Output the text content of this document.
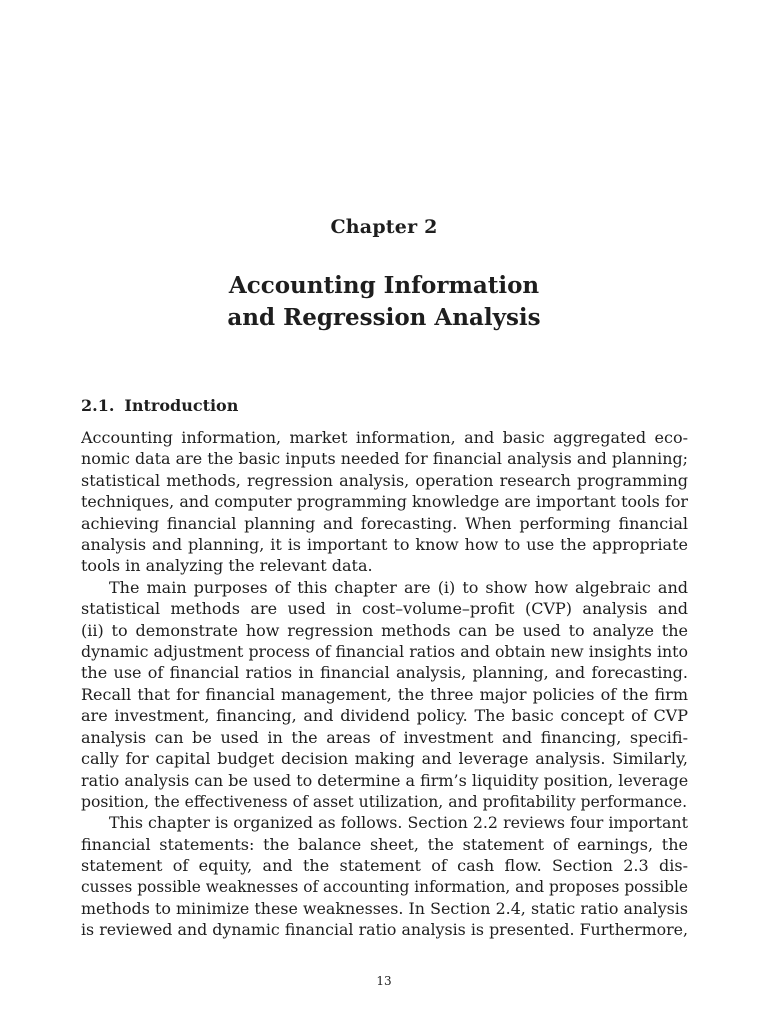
Chapter 2
Accounting Information
and Regression Analysis
2.1. Introduction
Accounting information, market information, and basic aggregated eco-
nomic data are the basic inputs needed for financial analysis and planning;
statistical methods, regression analysis, operation research programming
techniques, and computer programming knowledge are important tools for
achieving financial planning and forecasting. When performing financial
analysis and planning, it is important to know how to use the appropriate
tools in analyzing the relevant data.
The main purposes of this chapter are (i) to show how algebraic and
statistical methods are used in cost–volume–profit (CVP) analysis and
(ii) to demonstrate how regression methods can be used to analyze the
dynamic adjustment process of financial ratios and obtain new insights into
the use of financial ratios in financial analysis, planning, and forecasting.
Recall that for financial management, the three major policies of the firm
are investment, financing, and dividend policy. The basic concept of CVP
analysis can be used in the areas of investment and financing, specifi-
cally for capital budget decision making and leverage analysis. Similarly,
ratio analysis can be used to determine a firm’s liquidity position, leverage
position, the effectiveness of asset utilization, and profitability performance.
This chapter is organized as follows. Section 2.2 reviews four important
financial statements: the balance sheet, the statement of earnings, the
statement of equity, and the statement of cash flow. Section 2.3 dis-
cusses possible weaknesses of accounting information, and proposes possible
methods to minimize these weaknesses. In Section 2.4, static ratio analysis
is reviewed and dynamic financial ratio analysis is presented. Furthermore,
13
